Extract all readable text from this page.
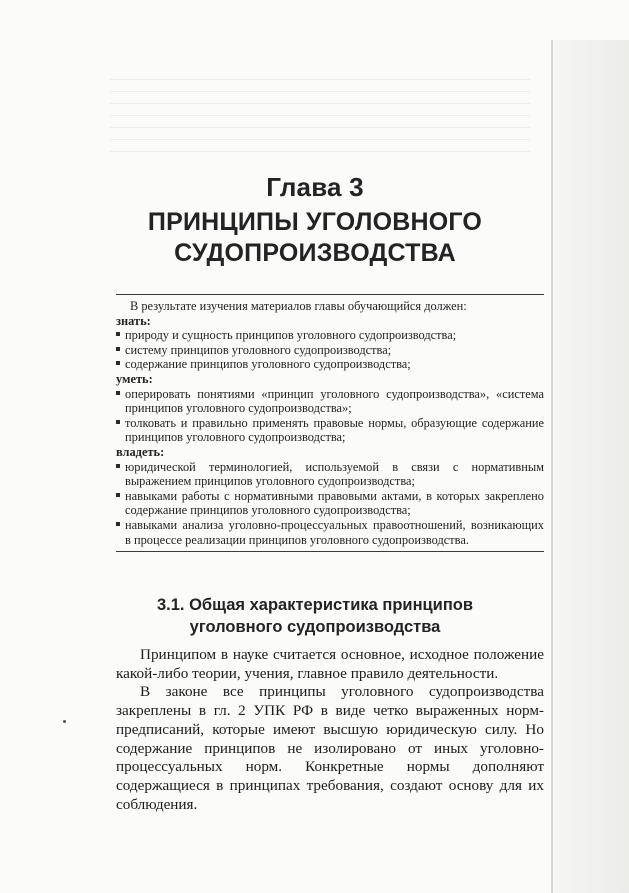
Глава 3
ПРИНЦИПЫ УГОЛОВНОГО
СУДОПРОИЗВОДСТВА
В результате изучения материалов главы обучающийся должен:
знать:
природу и сущность принципов уголовного судопроизводства;
систему принципов уголовного судопроизводства;
содержание принципов уголовного судопроизводства;
уметь:
оперировать понятиями «принцип уголовного судопроизводства», «система принципов уголовного судопроизводства»;
толковать и правильно применять правовые нормы, образующие содержание принципов уголовного судопроизводства;
владеть:
юридической терминологией, используемой в связи с нормативным выражением принципов уголовного судопроизводства;
навыками работы с нормативными правовыми актами, в которых закреплено содержание принципов уголовного судопроизводства;
навыками анализа уголовно-процессуальных правоотношений, возникающих в процессе реализации принципов уголовного судопроизводства.
3.1. Общая характеристика принципов
уголовного судопроизводства

Принципом в науке считается основное, исходное положение какой-либо теории, учения, главное правило деятельности.

В законе все принципы уголовного судопроизводства закреплены в гл. 2 УПК РФ в виде четко выраженных норм-предписаний, которые имеют высшую юридическую силу. Но содержание принципов не изолировано от иных уголовно-процессуальных норм. Конкретные нормы дополняют содержащиеся в принципах требования, создают основу для их соблюдения.
